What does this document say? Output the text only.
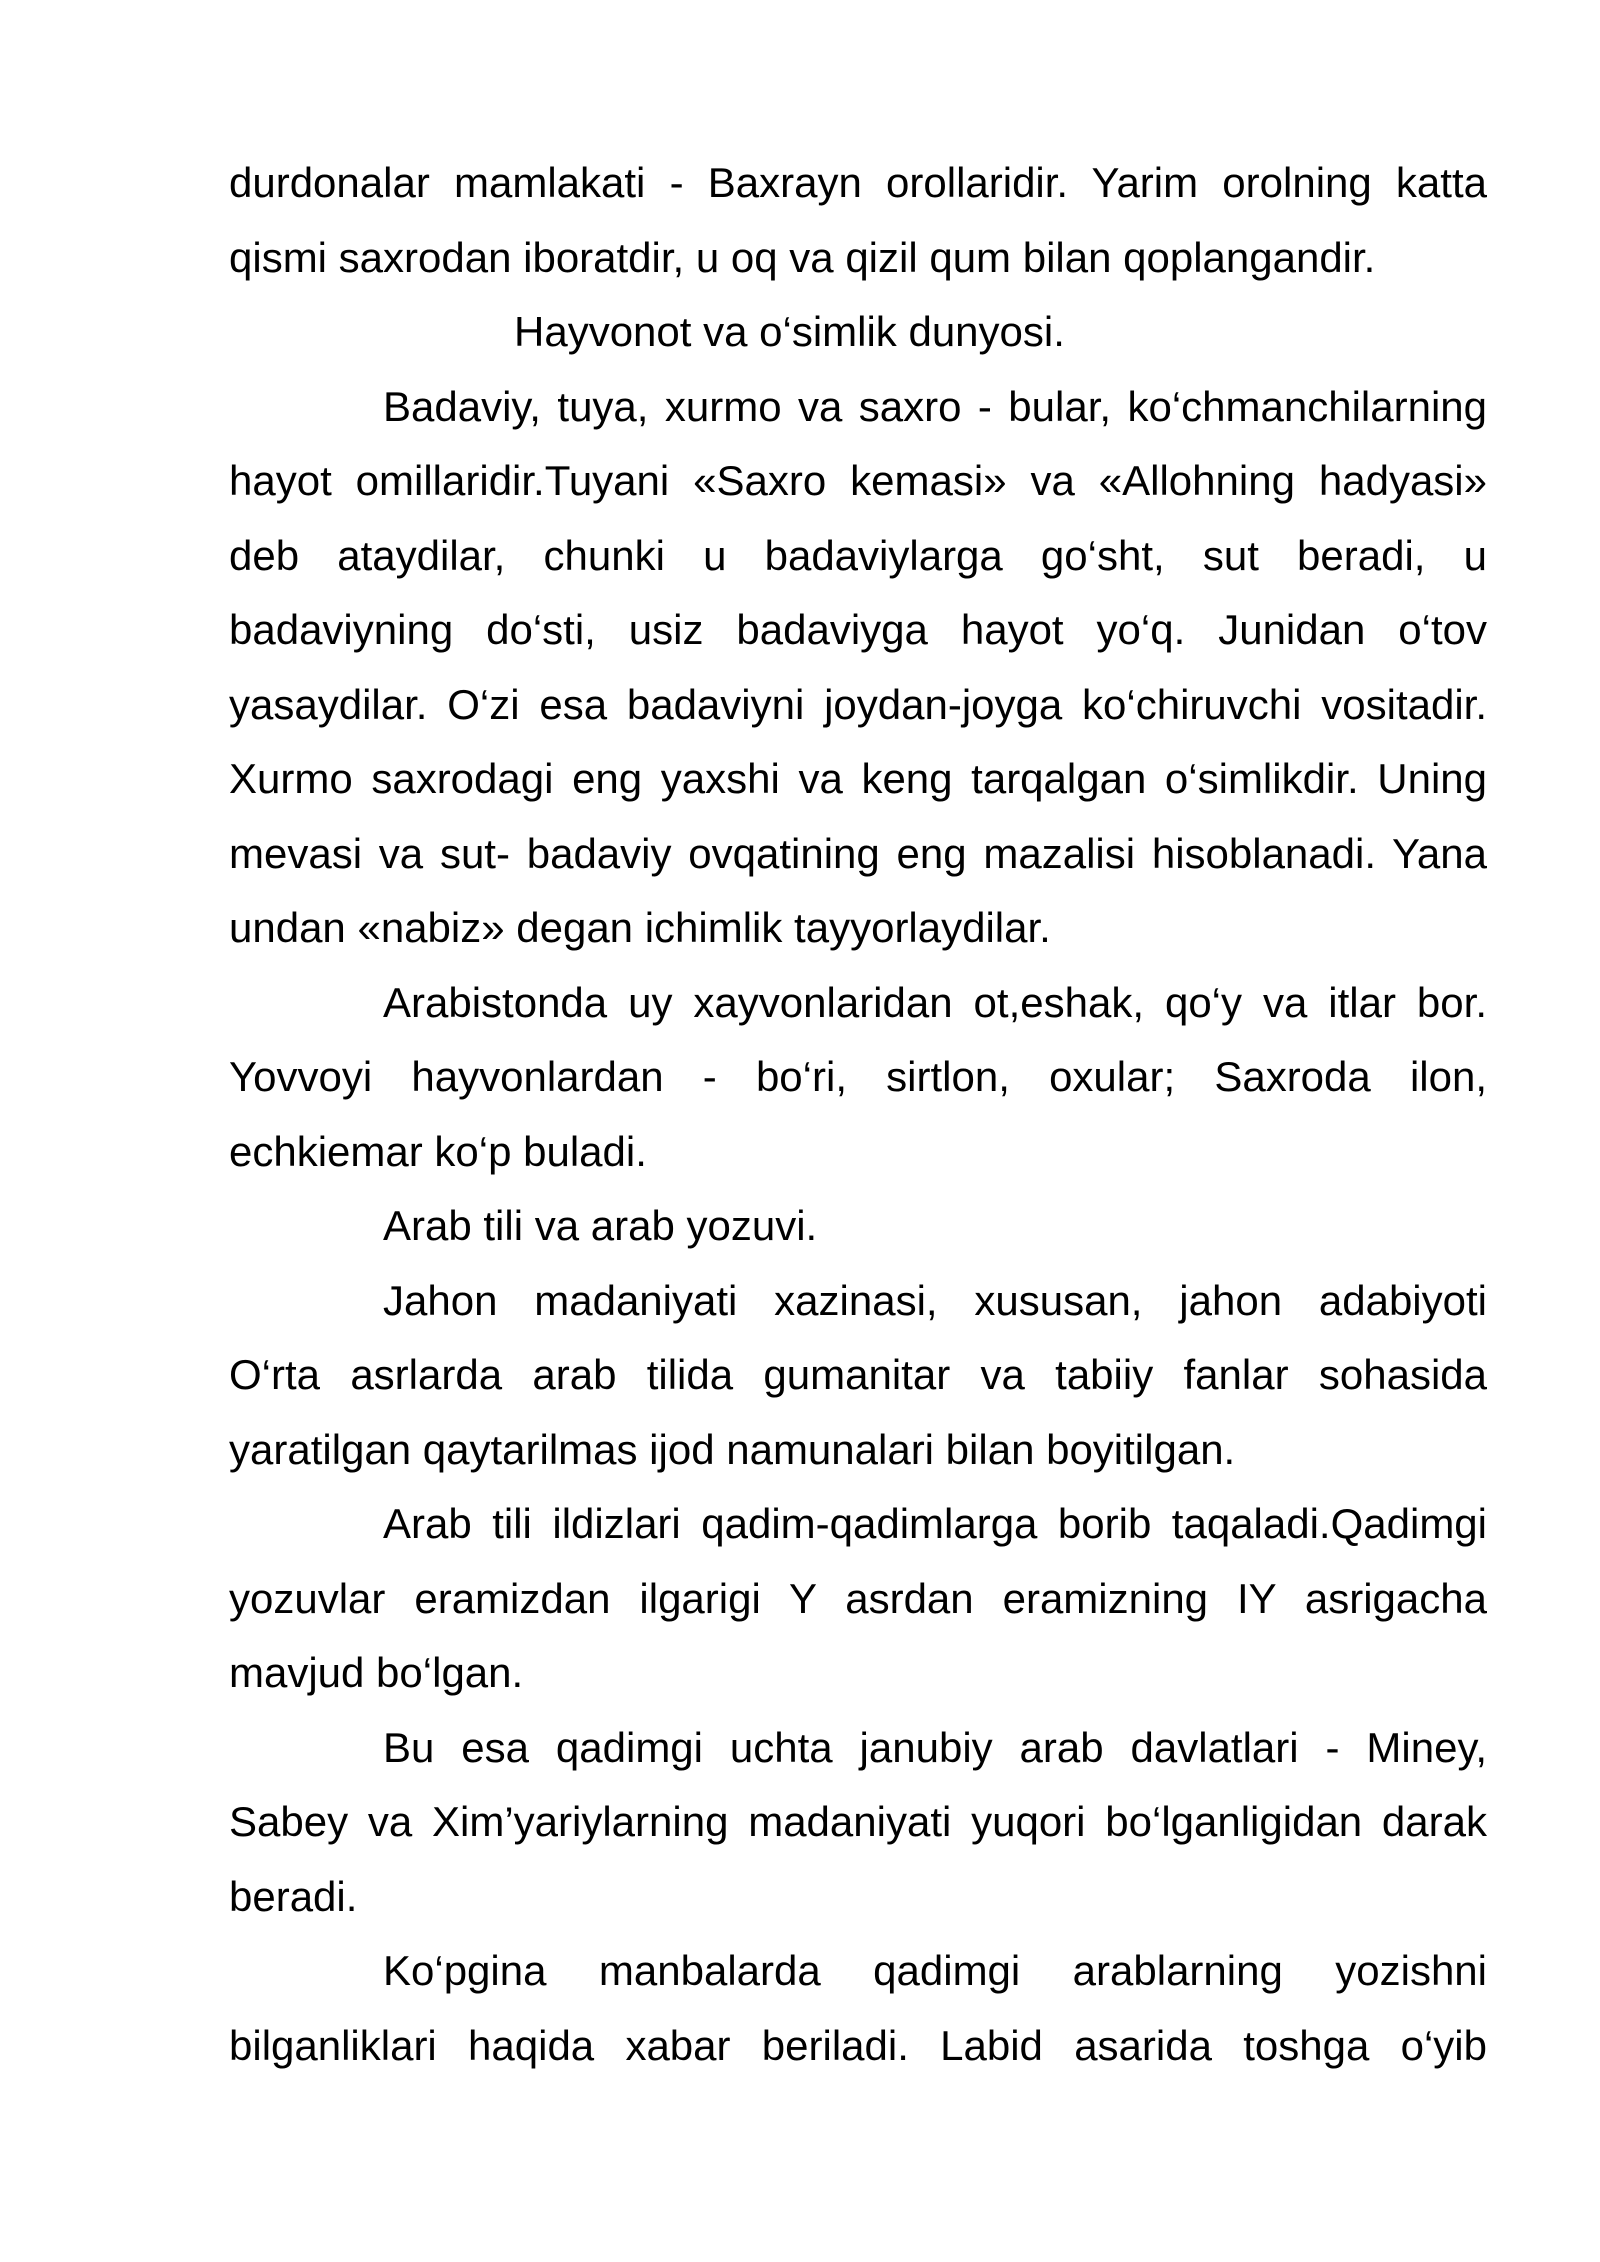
durdonalar mamlakati - Baxrayn orollaridir. Yarim orolning katta
qismi saxrodan iboratdir, u oq va qizil qum bilan qoplangandir.
Hayvonot va o‘simlik dunyosi.
Badaviy, tuya, xurmo va saxro - bular, ko‘chmanchilarning
hayot omillaridir.Tuyani «Saxro kemasi» va «Allohning hadyasi»
deb ataydilar, chunki u badaviylarga go‘sht, sut beradi, u
badaviyning do‘sti, usiz badaviyga hayot yo‘q. Junidan o‘tov
yasaydilar. O‘zi esa badaviyni joydan-joyga ko‘chiruvchi vositadir.
Xurmo saxrodagi eng yaxshi va keng tarqalgan o‘simlikdir. Uning
mevasi va sut- badaviy ovqatining eng mazalisi hisoblanadi. Yana
undan «nabiz» degan ichimlik tayyorlaydilar.
Arabistonda uy xayvonlaridan ot,eshak, qo‘y va itlar bor.
Yovvoyi hayvonlardan - bo‘ri, sirtlon, oxular; Saxroda ilon,
echkiemar ko‘p buladi.
Arab tili va arab yozuvi.
Jahon madaniyati xazinasi, xususan, jahon adabiyoti
O‘rta asrlarda arab tilida gumanitar va tabiiy fanlar sohasida
yaratilgan qaytarilmas ijod namunalari bilan boyitilgan.
Arab tili ildizlari qadim-qadimlarga borib taqaladi.Qadimgi
yozuvlar eramizdan ilgarigi Y asrdan eramizning IY asrigacha
mavjud bo‘lgan.
Bu esa qadimgi uchta janubiy arab davlatlari - Miney,
Sabey va Xim’yariylarning madaniyati yuqori bo‘lganligidan darak
beradi.
Ko‘pgina manbalarda qadimgi arablarning yozishni
bilganliklari haqida xabar beriladi. Labid asarida toshga o‘yib
